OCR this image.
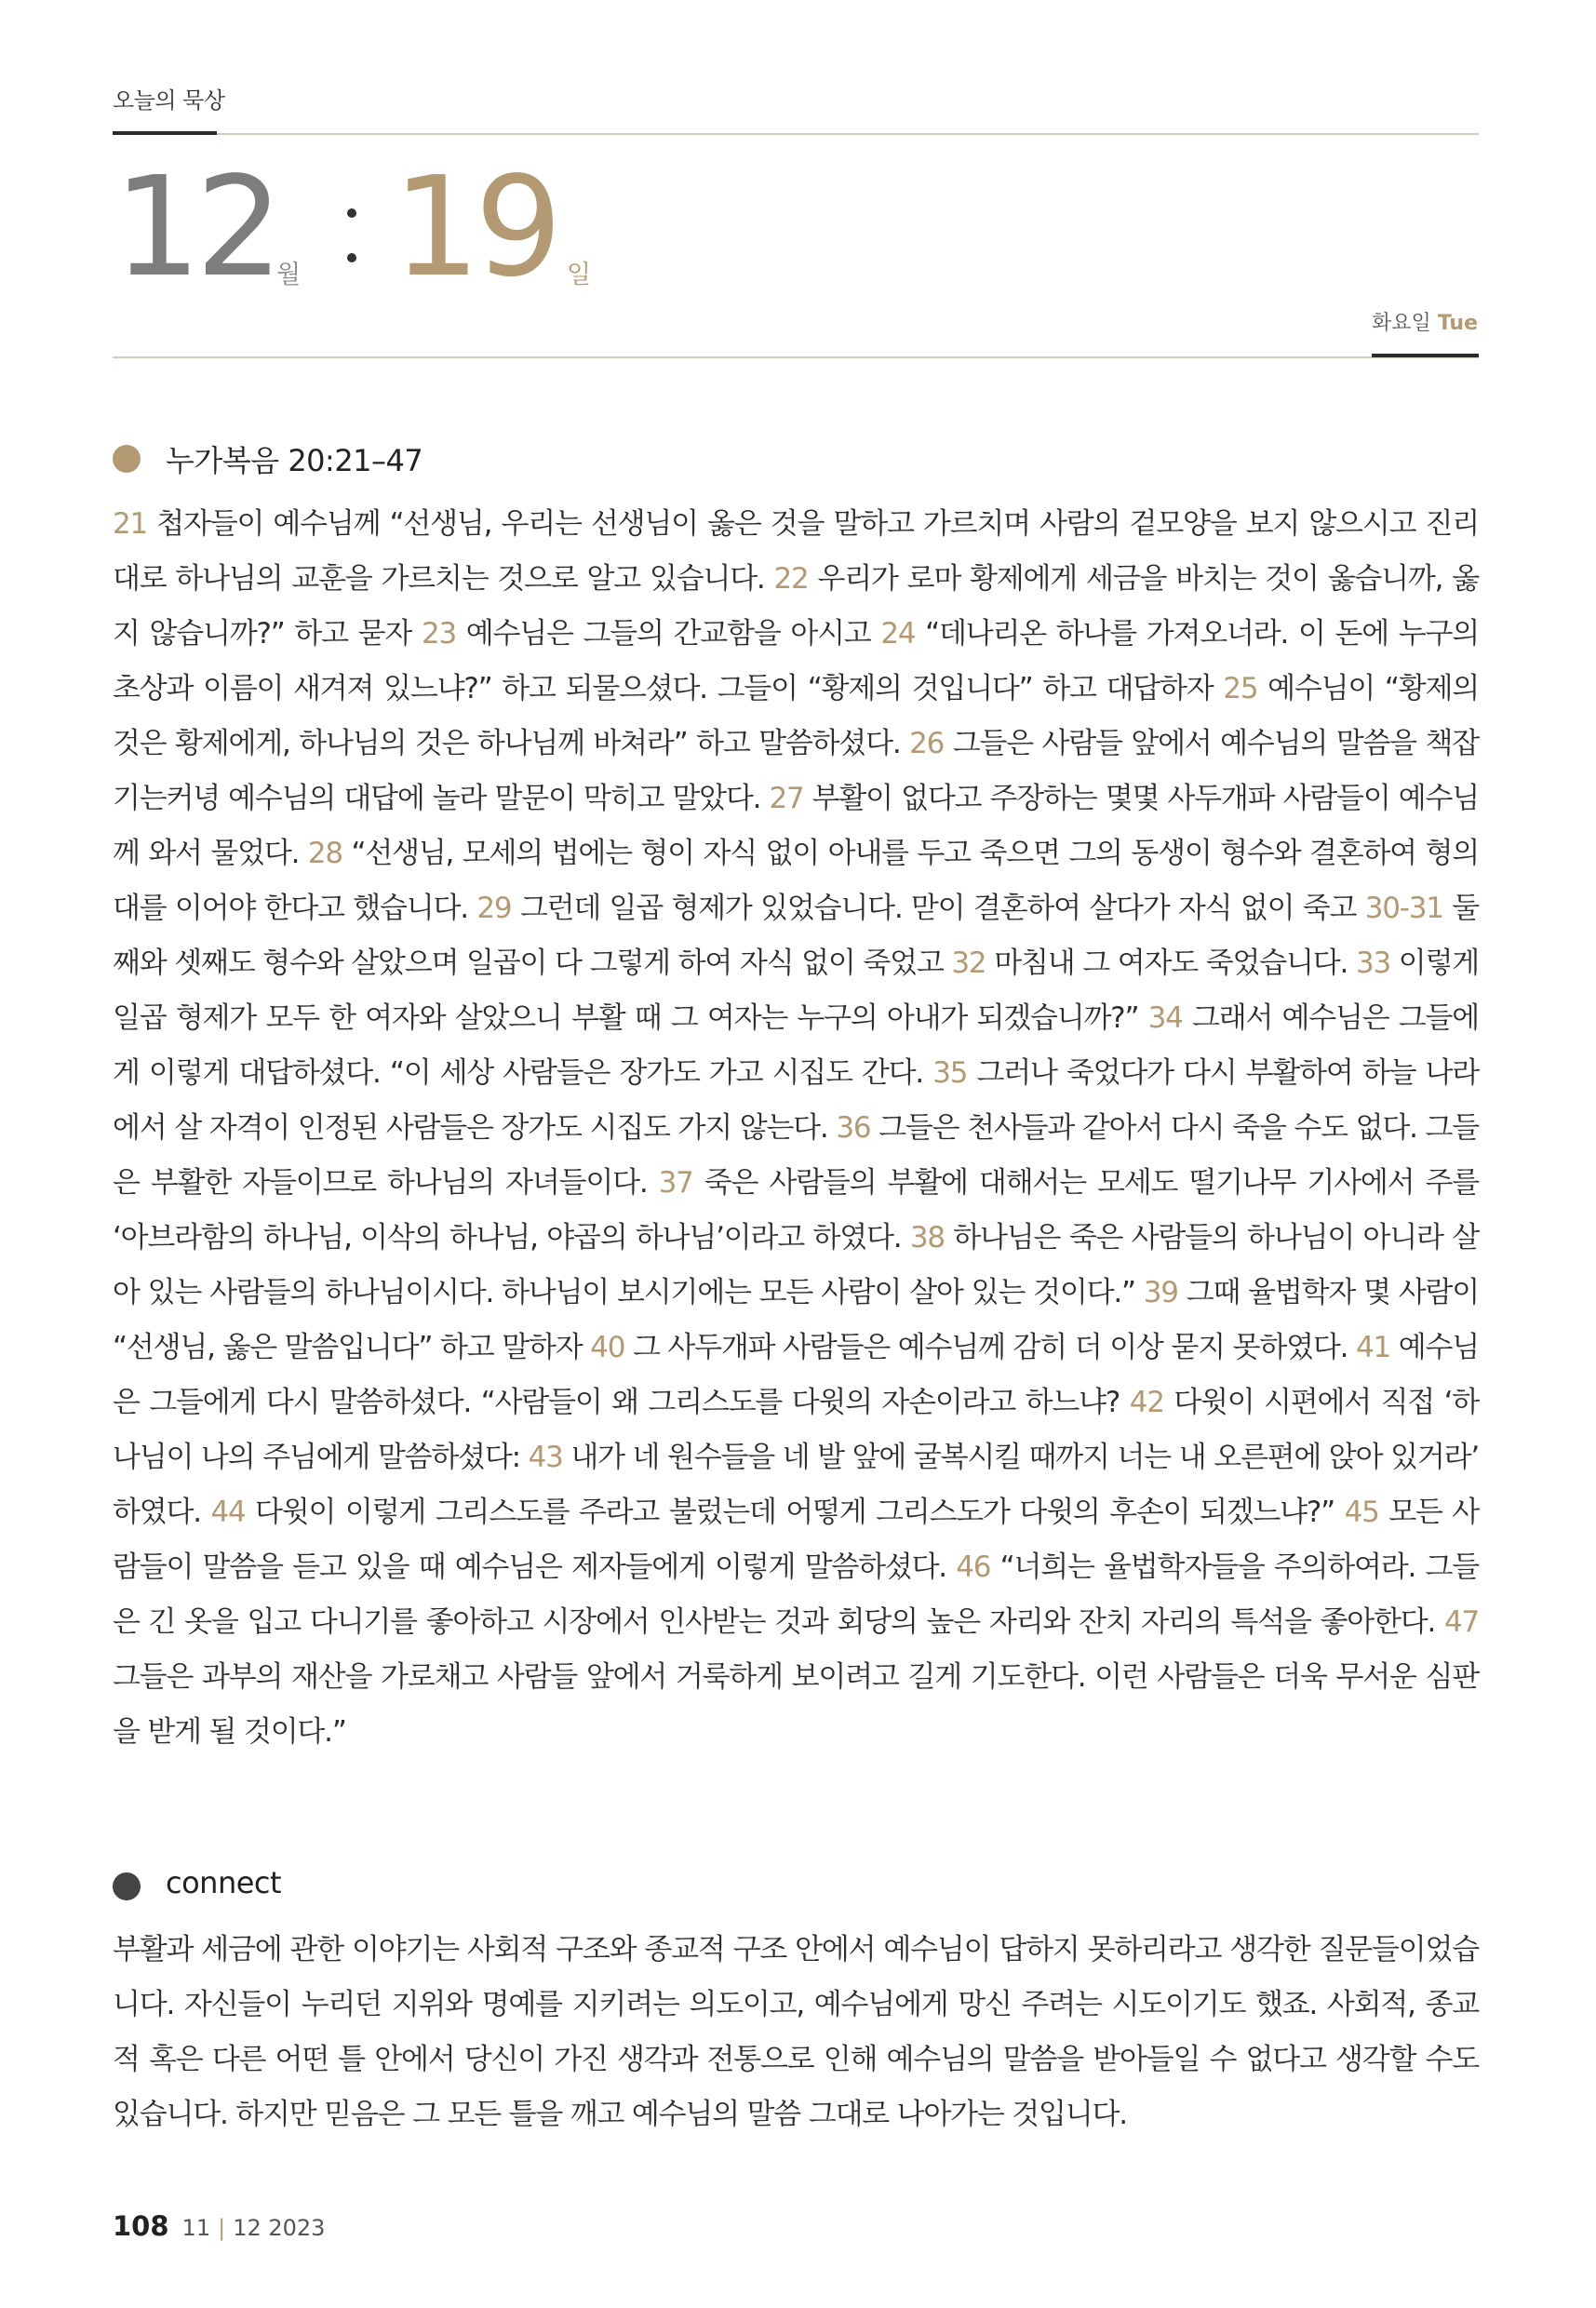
오늘의 묵상
12
월 19 일
화요일 Tue
누가복음 20:21–47
21 첩자들이 예수님께 “선생님, 우리는 선생님이 옳은 것을 말하고 가르치며 사람의 겉모양을 보지 않으시고 진리대로 하나님의 교훈을 가르치는 것으로 알고 있습니다. 22 우리가 로마 황제에게 세금을 바치는 것이 옳습니까, 옳지 않습니까?” 하고 묻자 23 예수님은 그들의 간교함을 아시고 24 “데나리온 하나를 가져오너라. 이 돈에 누구의 초상과 이름이 새겨져 있느냐?” 하고 되물으셨다. 그들이 “황제의 것입니다” 하고 대답하자 25 예수님이 “황제의 것은 황제에게, 하나님의 것은 하나님께 바쳐라” 하고 말씀하셨다. 26 그들은 사람들 앞에서 예수님의 말씀을 책잡기는커녕 예수님의 대답에 놀라 말문이 막히고 말았다. 27 부활이 없다고 주장하는 몇몇 사두개파 사람들이 예수님께 와서 물었다. 28 “선생님, 모세의 법에는 형이 자식 없이 아내를 두고 죽으면 그의 동생이 형수와 결혼하여 형의 대를 이어야 한다고 했습니다. 29 그런데 일곱 형제가 있었습니다. 맏이 결혼하여 살다가 자식 없이 죽고 30-31 둘째와 셋째도 형수와 살았으며 일곱이 다 그렇게 하여 자식 없이 죽었고 32 마침내 그 여자도 죽었습니다. 33 이렇게 일곱 형제가 모두 한 여자와 살았으니 부활 때 그 여자는 누구의 아내가 되겠습니까?” 34 그래서 예수님은 그들에게 이렇게 대답하셨다. “이 세상 사람들은 장가도 가고 시집도 간다. 35 그러나 죽었다가 다시 부활하여 하늘 나라에서 살 자격이 인정된 사람들은 장가도 시집도 가지 않는다. 36 그들은 천사들과 같아서 다시 죽을 수도 없다. 그들은 부활한 자들이므로 하나님의 자녀들이다. 37 죽은 사람들의 부활에 대해서는 모세도 떨기나무 기사에서 주를 ‘아브라함의 하나님, 이삭의 하나님, 야곱의 하나님’이라고 하였다. 38 하나님은 죽은 사람들의 하나님이 아니라 살아 있는 사람들의 하나님이시다. 하나님이 보시기에는 모든 사람이 살아 있는 것이다.” 39 그때 율법학자 몇 사람이 “선생님, 옳은 말씀입니다” 하고 말하자 40 그 사두개파 사람들은 예수님께 감히 더 이상 묻지 못하였다. 41 예수님은 그들에게 다시 말씀하셨다. “사람들이 왜 그리스도를 다윗의 자손이라고 하느냐? 42 다윗이 시편에서 직접 ‘하나님이 나의 주님에게 말씀하셨다: 43 내가 네 원수들을 네 발 앞에 굴복시킬 때까지 너는 내 오른편에 앉아 있거라’ 하였다. 44 다윗이 이렇게 그리스도를 주라고 불렀는데 어떻게 그리스도가 다윗의 후손이 되겠느냐?” 45 모든 사람들이 말씀을 듣고 있을 때 예수님은 제자들에게 이렇게 말씀하셨다. 46 “너희는 율법학자들을 주의하여라. 그들은 긴 옷을 입고 다니기를 좋아하고 시장에서 인사받는 것과 회당의 높은 자리와 잔치 자리의 특석을 좋아한다. 47 그들은 과부의 재산을 가로채고 사람들 앞에서 거룩하게 보이려고 길게 기도한다. 이런 사람들은 더욱 무서운 심판을 받게 될 것이다.”
connect
부활과 세금에 관한 이야기는 사회적 구조와 종교적 구조 안에서 예수님이 답하지 못하리라고 생각한 질문들이었습니다. 자신들이 누리던 지위와 명예를 지키려는 의도이고, 예수님에게 망신 주려는 시도이기도 했죠. 사회적, 종교적 혹은 다른 어떤 틀 안에서 당신이 가진 생각과 전통으로 인해 예수님의 말씀을 받아들일 수 없다고 생각할 수도 있습니다. 하지만 믿음은 그 모든 틀을 깨고 예수님의 말씀 그대로 나아가는 것입니다.
108 11 | 12 2023
